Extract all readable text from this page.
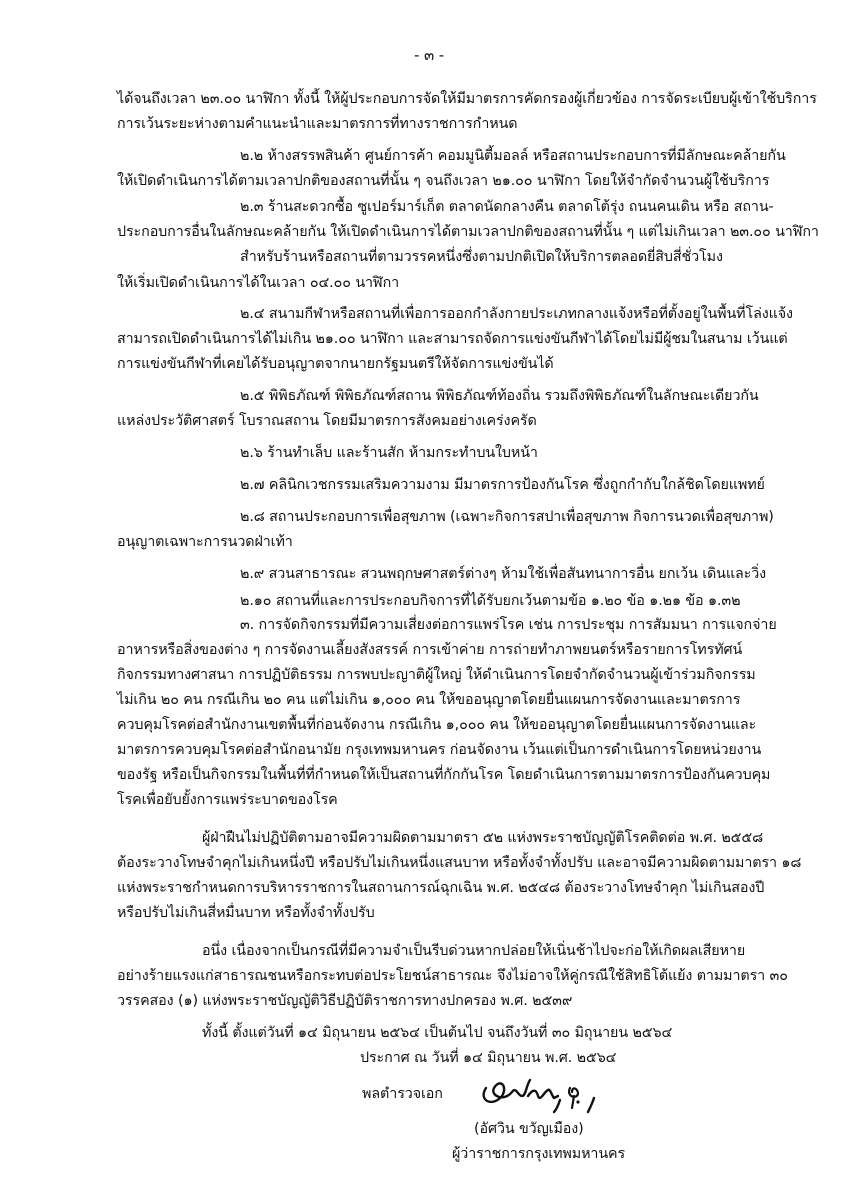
- ๓ -
ได้จนถึงเวลา ๒๓.๐๐ นาฬิกา ทั้งนี้ ให้ผู้ประกอบการจัดให้มีมาตรการคัดกรองผู้เกี่ยวข้อง การจัดระเบียบผู้เข้าใช้บริการ
การเว้นระยะห่างตามคำแนะนำและมาตรการที่ทางราชการกำหนด
๒.๒ ห้างสรรพสินค้า ศูนย์การค้า คอมมูนิตี้มอลล์ หรือสถานประกอบการที่มีลักษณะคล้ายกัน
ให้เปิดดำเนินการได้ตามเวลาปกติของสถานที่นั้น ๆ จนถึงเวลา ๒๑.๐๐ นาฬิกา โดยให้จำกัดจำนวนผู้ใช้บริการ
๒.๓ ร้านสะดวกซื้อ ซูเปอร์มาร์เก็ต ตลาดนัดกลางคืน ตลาดโต้รุ่ง ถนนคนเดิน หรือ สถาน-
ประกอบการอื่นในลักษณะคล้ายกัน ให้เปิดดำเนินการได้ตามเวลาปกติของสถานที่นั้น ๆ แต่ไม่เกินเวลา ๒๓.๐๐ นาฬิกา
สำหรับร้านหรือสถานที่ตามวรรคหนึ่งซึ่งตามปกติเปิดให้บริการตลอดยี่สิบสี่ชั่วโมง
ให้เริ่มเปิดดำเนินการได้ในเวลา ๐๔.๐๐ นาฬิกา
๒.๔ สนามกีฬาหรือสถานที่เพื่อการออกกำลังกายประเภทกลางแจ้งหรือที่ตั้งอยู่ในพื้นที่โล่งแจ้ง
สามารถเปิดดำเนินการได้ไม่เกิน ๒๑.๐๐ นาฬิกา และสามารถจัดการแข่งขันกีฬาได้โดยไม่มีผู้ชมในสนาม เว้นแต่
การแข่งขันกีฬาที่เคยได้รับอนุญาตจากนายกรัฐมนตรีให้จัดการแข่งขันได้
๒.๕ พิพิธภัณฑ์ พิพิธภัณฑ์สถาน พิพิธภัณฑ์ท้องถิ่น รวมถึงพิพิธภัณฑ์ในลักษณะเดียวกัน
แหล่งประวัติศาสตร์ โบราณสถาน โดยมีมาตรการสังคมอย่างเคร่งครัด
๒.๖ ร้านทำเล็บ และร้านสัก ห้ามกระทำบนใบหน้า
๒.๗ คลินิกเวชกรรมเสริมความงาม มีมาตรการป้องกันโรค ซึ่งถูกกำกับใกล้ชิดโดยแพทย์
๒.๘ สถานประกอบการเพื่อสุขภาพ (เฉพาะกิจการสปาเพื่อสุขภาพ กิจการนวดเพื่อสุขภาพ)
อนุญาตเฉพาะการนวดฝ่าเท้า
๒.๙ สวนสาธารณะ สวนพฤกษศาสตร์ต่างๆ ห้ามใช้เพื่อสันทนาการอื่น ยกเว้น เดินและวิ่ง
๒.๑๐ สถานที่และการประกอบกิจการที่ได้รับยกเว้นตามข้อ ๑.๒๐ ข้อ ๑.๒๑ ข้อ ๑.๓๒
๓. การจัดกิจกรรมที่มีความเสี่ยงต่อการแพร่โรค เช่น การประชุม การสัมมนา การแจกจ่าย
อาหารหรือสิ่งของต่าง ๆ การจัดงานเลี้ยงสังสรรค์ การเข้าค่าย การถ่ายทำภาพยนตร์หรือรายการโทรทัศน์
กิจกรรมทางศาสนา การปฏิบัติธรรม การพบปะญาติผู้ใหญ่ ให้ดำเนินการโดยจำกัดจำนวนผู้เข้าร่วมกิจกรรม
ไม่เกิน ๒๐ คน กรณีเกิน ๒๐ คน แต่ไม่เกิน ๑,๐๐๐ คน ให้ขออนุญาตโดยยื่นแผนการจัดงานและมาตรการ
ควบคุมโรคต่อสำนักงานเขตพื้นที่ก่อนจัดงาน กรณีเกิน ๑,๐๐๐ คน ให้ขออนุญาตโดยยื่นแผนการจัดงานและ
มาตรการควบคุมโรคต่อสำนักอนามัย กรุงเทพมหานคร ก่อนจัดงาน เว้นแต่เป็นการดำเนินการโดยหน่วยงาน
ของรัฐ หรือเป็นกิจกรรมในพื้นที่ที่กำหนดให้เป็นสถานที่กักกันโรค โดยดำเนินการตามมาตรการป้องกันควบคุม
โรคเพื่อยับยั้งการแพร่ระบาดของโรค
ผู้ฝ่าฝืนไม่ปฏิบัติตามอาจมีความผิดตามมาตรา ๕๒ แห่งพระราชบัญญัติโรคติดต่อ พ.ศ. ๒๕๕๘
ต้องระวางโทษจำคุกไม่เกินหนึ่งปี หรือปรับไม่เกินหนึ่งแสนบาท หรือทั้งจำทั้งปรับ และอาจมีความผิดตามมาตรา ๑๘
แห่งพระราชกำหนดการบริหารราชการในสถานการณ์ฉุกเฉิน พ.ศ. ๒๕๔๘ ต้องระวางโทษจำคุก ไม่เกินสองปี
หรือปรับไม่เกินสี่หมื่นบาท หรือทั้งจำทั้งปรับ
อนึ่ง เนื่องจากเป็นกรณีที่มีความจำเป็นรีบด่วนหากปล่อยให้เนิ่นช้าไปจะก่อให้เกิดผลเสียหาย
อย่างร้ายแรงแก่สาธารณชนหรือกระทบต่อประโยชน์สาธารณะ จึงไม่อาจให้คู่กรณีใช้สิทธิโต้แย้ง ตามมาตรา ๓๐
วรรคสอง (๑) แห่งพระราชบัญญัติวิธีปฏิบัติราชการทางปกครอง พ.ศ. ๒๕๓๙
ทั้งนี้ ตั้งแต่วันที่ ๑๔ มิถุนายน ๒๕๖๔ เป็นต้นไป จนถึงวันที่ ๓๐ มิถุนายน ๒๕๖๔
ประกาศ ณ วันที่ ๑๔ มิถุนายน พ.ศ. ๒๕๖๔
พลตำรวจเอก
(อัศวิน ขวัญเมือง)
ผู้ว่าราชการกรุงเทพมหานคร
